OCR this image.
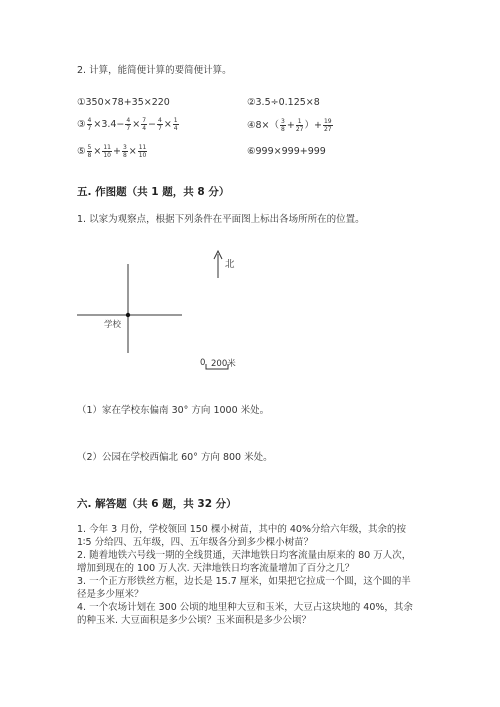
2. 计算，能简便计算的要简便计算。
①350×78+35×220	②3.5÷0.125×8
③ $\frac{4}{7} \times 3.4- \frac{4}{7} \times \frac{7}{4} - \frac{4}{7} \times \frac{1}{4}$	④8×（ $\frac{3}{8} + \frac{1}{27}$ ）+ $\frac{19}{27}$
⑤ $\frac{5}{8} \times \frac{11}{10} + \frac{3}{8} \times \frac{11}{10}$	⑥999×999+999
五. 作图题（共 1 题，共 8 分）
1. 以家为观察点，根据下列条件在平面图上标出各场所所在的位置。
北
学校
0 200米
（1）家在学校东偏南 30° 方向 1000 米处。
（2）公园在学校西偏北 60° 方向 800 米处。
六. 解答题（共 6 题，共 32 分）
1. 今年 3 月份，学校领回 150 棵小树苗，其中的 40%分给六年级，其余的按
1∶5 分给四、五年级，四、五年级各分到多少棵小树苗？
2. 随着地铁六号线一期的全线贯通，天津地铁日均客流量由原来的 80 万人次，
增加到现在的 100 万人次. 天津地铁日均客流量增加了百分之几？
3. 一个正方形铁丝方框，边长是 15.7 厘米，如果把它拉成一个圆，这个圆的半
径是多少厘米？
4. 一个农场计划在 300 公顷的地里种大豆和玉米，大豆占这块地的 40%，其余
的种玉米. 大豆面积是多少公顷？玉米面积是多少公顷？
